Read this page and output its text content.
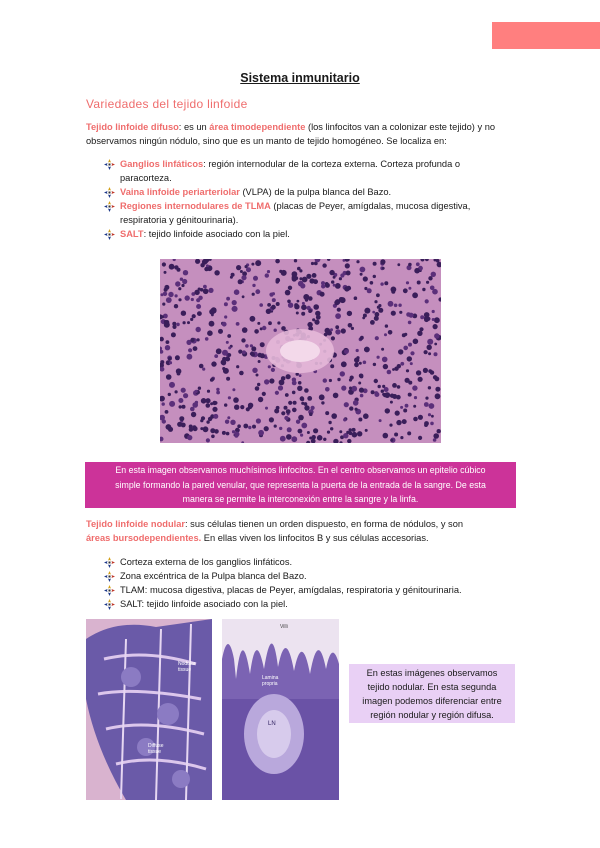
Sistema inmunitario
Variedades del tejido linfoide
Tejido linfoide difuso: es un área timodependiente (los linfocitos van a colonizar este tejido) y no observamos ningún nódulo, sino que es un manto de tejido homogéneo. Se localiza en:
Ganglios linfáticos: región internodular de la corteza externa. Corteza profunda o
paracorteza.
Vaina linfoide periarteriolar (VLPA) de la pulpa blanca del Bazo.
Regiones internodulares de TLMA (placas de Peyer, amígdalas, mucosa digestiva,
respiratoria y génitourinaria).
SALT: tejido linfoide asociado con la piel.
En esta imagen observamos muchísimos linfocitos. En el centro observamos un epitelio cúbico
simple formando la pared venular, que representa la puerta de la entrada de la sangre. De esta
manera se permite la interconexión entre la sangre y la linfa.
Tejido linfoide nodular: sus células tienen un orden dispuesto, en forma de nódulos, y son
áreas bursodependientes. En ellas viven los linfocitos B y sus células accesorias.
Corteza externa de los ganglios linfáticos.
Zona excéntrica de la Pulpa blanca del Bazo.
TLAM: mucosa digestiva, placas de Peyer, amígdalas, respiratoria y génitourinaria.
SALT: tejido linfoide asociado con la piel.
Nodular
tissue
Diffuse
tissue
Villi
Lamina
propria
LN
En estas imágenes observamos
tejido nodular. En esta segunda
imagen podemos diferenciar entre
región nodular y región difusa.
